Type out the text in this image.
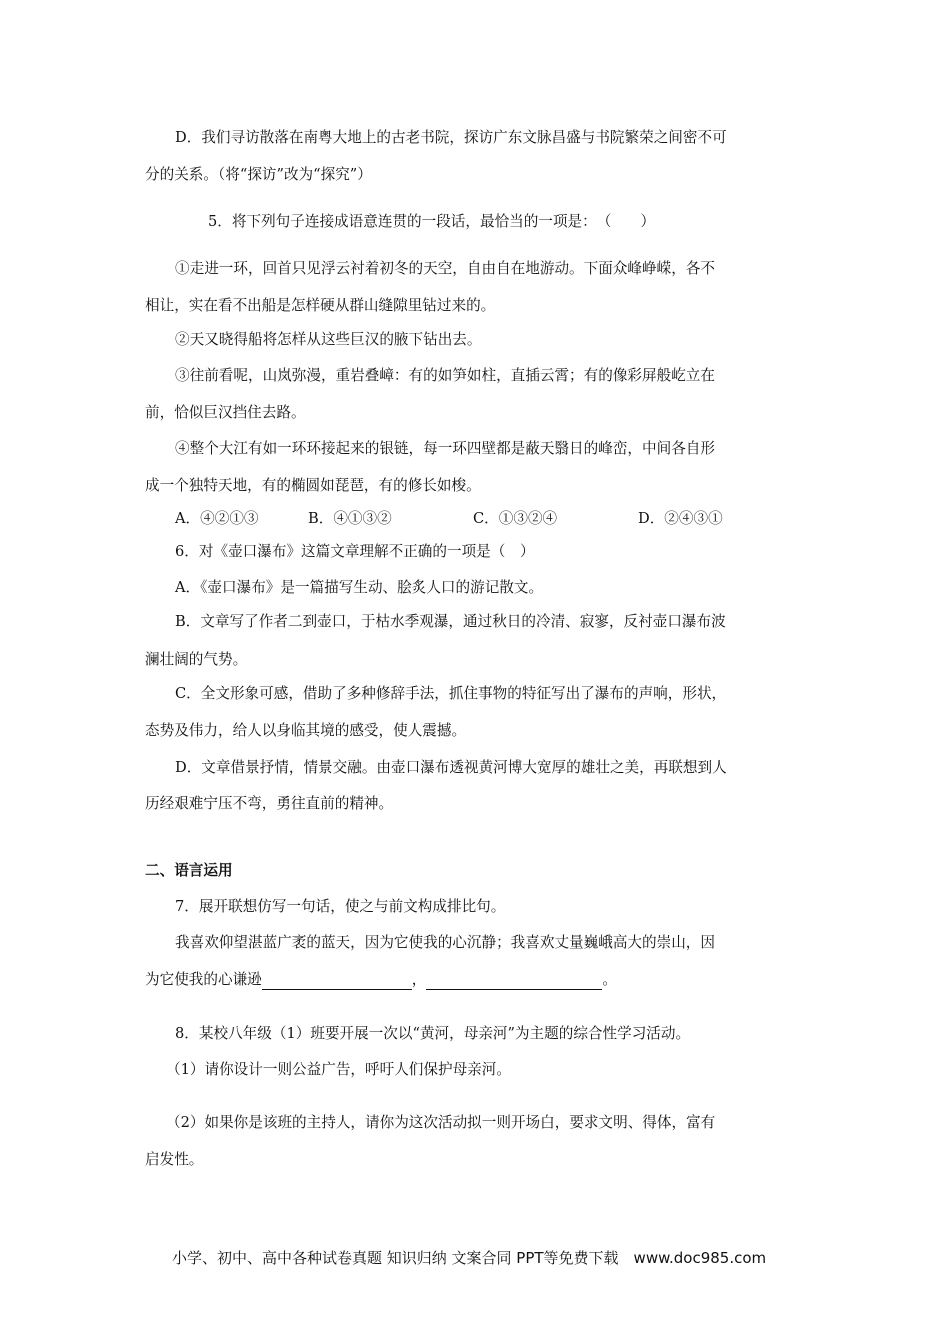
D．我们寻访散落在南粤大地上的古老书院，探访广东文脉昌盛与书院繁荣之间密不可
分的关系。（将“探访”改为“探究”）
5．将下列句子连接成语意连贯的一段话，最恰当的一项是：　（　　）
①走进一环，回首只见浮云衬着初冬的天空，自由自在地游动。下面众峰峥嵘，各不
相让，实在看不出船是怎样硬从群山缝隙里钻过来的。
②天又晓得船将怎样从这些巨汉的腋下钻出去。
③往前看呢，山岚弥漫，重岩叠嶂：有的如笋如柱，直插云霄；有的像彩屏般屹立在
前，恰似巨汉挡住去路。
④整个大江有如一环环接起来的银链，每一环四壁都是蔽天翳日的峰峦，中间各自形
成一个独特天地，有的椭圆如琵琶，有的修长如梭。
A．④②①③	B．④①③②	C．①③②④	D．②④③①
6．对《壶口瀑布》这篇文章理解不正确的一项是（　）
A．《壶口瀑布》是一篇描写生动、脍炙人口的游记散文。
B．文章写了作者二到壶口，于枯水季观瀑，通过秋日的冷清、寂寥，反衬壶口瀑布波
澜壮阔的气势。
C．全文形象可感，借助了多种修辞手法，抓住事物的特征写出了瀑布的声响，形状，
态势及伟力，给人以身临其境的感受，使人震撼。
D．文章借景抒情，情景交融。由壶口瀑布透视黄河博大宽厚的雄壮之美，再联想到人
历经艰难宁压不弯，勇往直前的精神。
二、语言运用
7．展开联想仿写一句话，使之与前文构成排比句。
我喜欢仰望湛蓝广袤的蓝天，因为它使我的心沉静；我喜欢丈量巍峨高大的崇山，因
为它使我的心谦逊	，	。
8．某校八年级（1）班要开展一次以“黄河，母亲河”为主题的综合性学习活动。
（1）请你设计一则公益广告，呼吁人们保护母亲河。
（2）如果你是该班的主持人，请你为这次活动拟一则开场白，要求文明、得体，富有
启发性。
小学、初中、高中各种试卷真题 知识归纳 文案合同 PPT等免费下载　www.doc985.com
